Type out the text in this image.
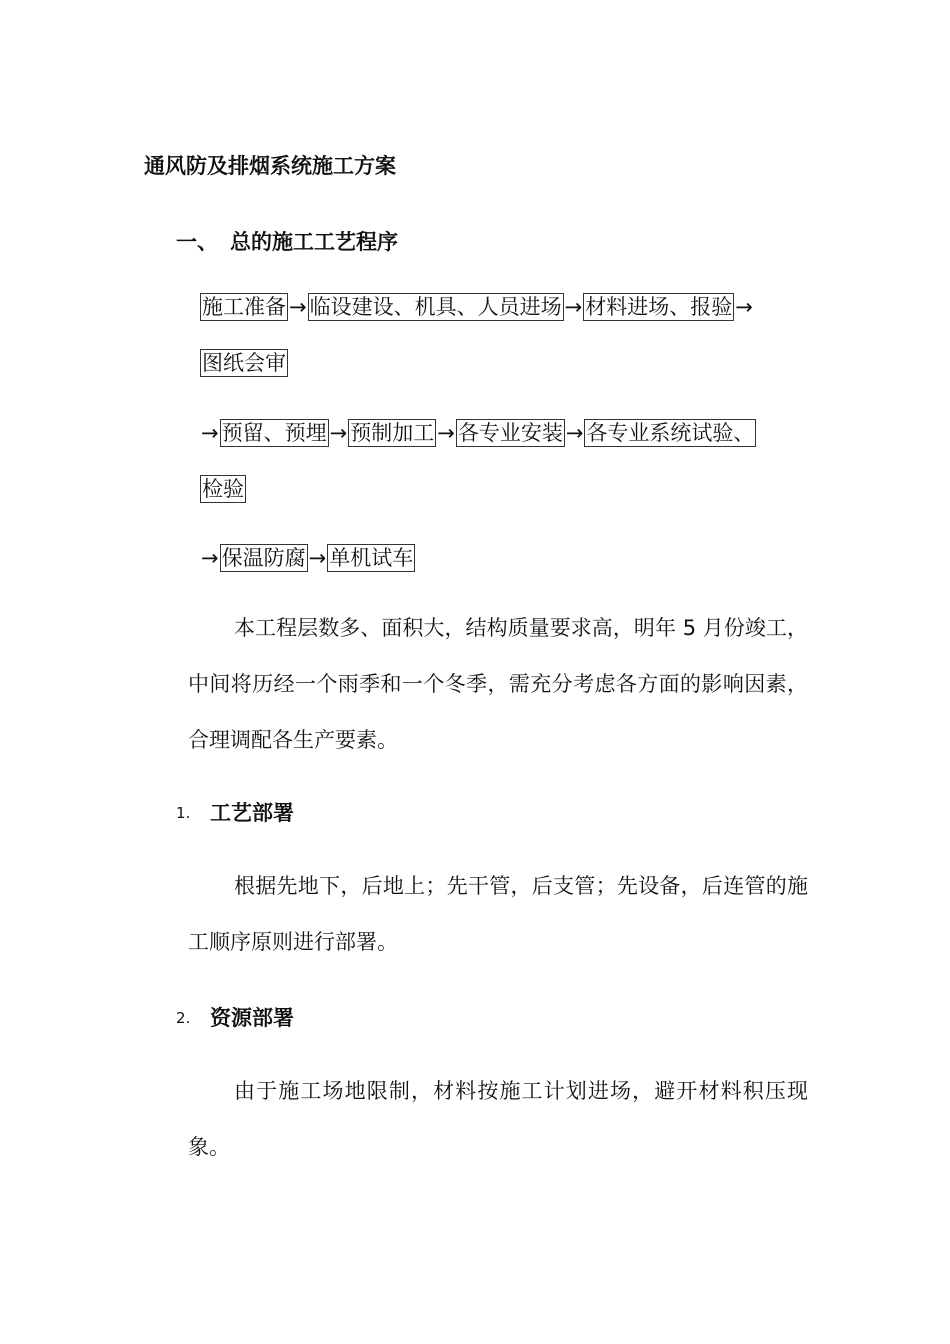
通风防及排烟系统施工方案
一、 总的施工工艺程序
施工准备 → 临设建设、机具、人员进场 → 材料进场、报验 →
图纸会审
→ 预留、预埋 → 预制加工 → 各专业安装 → 各专业系统试验、
检验
→ 保温防腐 → 单机试车
本工程层数多、面积大，结构质量要求高，明年 5 月份竣工，中间将历经一个雨季和一个冬季，需充分考虑各方面的影响因素，合理调配各生产要素。
1. 工艺部署
根据先地下，后地上；先干管，后支管；先设备，后连管的施工顺序原则进行部署。
2. 资源部署
由于施工场地限制，材料按施工计划进场，避开材料积压现象。
